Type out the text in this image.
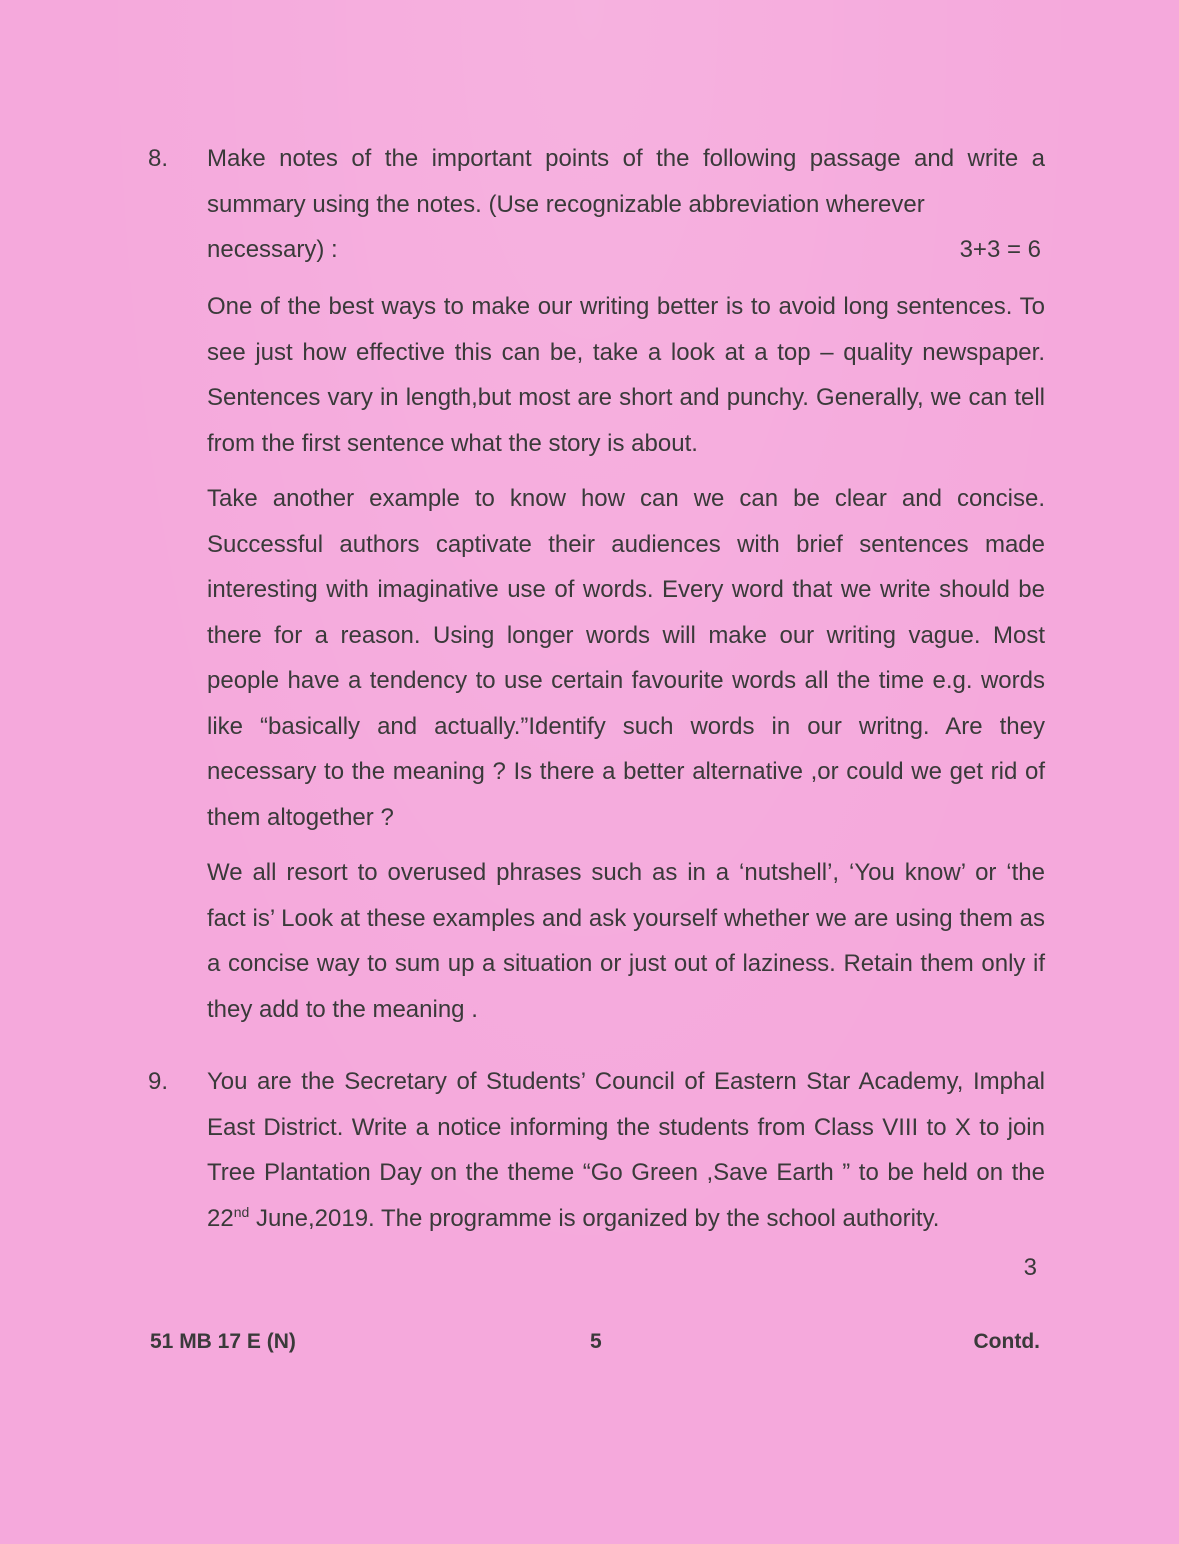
8. Make notes of the important points of the following passage and write a summary using the notes. (Use recognizable abbreviation wherever

necessary) :	3+3 = 6

One of the best ways to make our writing better is to avoid long sentences. To see just how effective this can be, take a look at a top – quality newspaper. Sentences vary in length,but most are short and punchy. Generally, we can tell from the first sentence what the story is about.

Take another example to know how can we can be clear and concise. Successful authors captivate their audiences with brief sentences made interesting with imaginative use of words. Every word that we write should be there for a reason. Using longer words will make our writing vague. Most people have a tendency to use certain favourite words all the time e.g. words like “basically and actually.”Identify such words in our writng. Are they necessary to the meaning ? Is there a better alternative ,or could we get rid of them altogether ?

We all resort to overused phrases such as in a ‘nutshell’, ‘You know’ or ‘the fact is’ Look at these examples and ask yourself whether we are using them as a concise way to sum up a situation or just out of laziness. Retain them only if they add to the meaning .

9. You are the Secretary of Students’ Council of Eastern Star Academy, Imphal East District. Write a notice informing the students from Class VIII to X to join Tree Plantation Day on the theme “Go Green ,Save Earth ” to be held on the 22nd June,2019. The programme is organized by the school authority.

3
51 MB 17 E (N)	5	Contd.
